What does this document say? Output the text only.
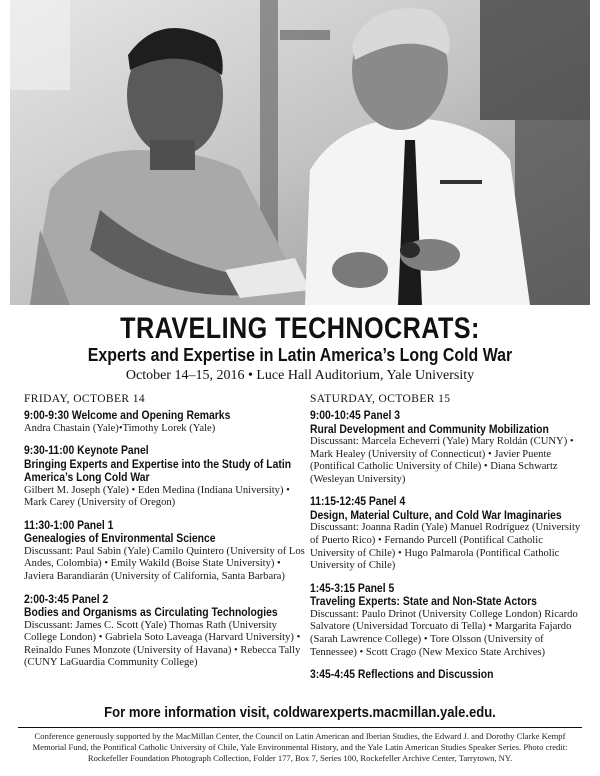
TRAVELING TECHNOCRATS:
Experts and Expertise in Latin America’s Long Cold War
October 14–15, 2016 • Luce Hall Auditorium, Yale University
FRIDAY, OCTOBER 14
9:00-9:30 Welcome and Opening Remarks
Andra Chastain (Yale)•Timothy Lorek (Yale)
9:30-11:00 Keynote Panel
Bringing Experts and Expertise into the Study of Latin America’s Long Cold War
Gilbert M. Joseph (Yale) • Eden Medina (Indiana University) • Mark Carey (University of Oregon)
11:30-1:00 Panel 1
Genealogies of Environmental Science
Discussant: Paul Sabin (Yale) Camilo Quintero (University of Los Andes, Colombia) • Emily Wakild (Boise State University) • Javiera Barandiarán (University of California, Santa Barbara)
2:00-3:45 Panel 2
Bodies and Organisms as Circulating Technologies
Discussant: James C. Scott (Yale) Thomas Rath (University College London) • Gabriela Soto Laveaga (Harvard University) • Reinaldo Funes Monzote (University of Havana) • Rebecca Tally (CUNY LaGuardia Community College)
SATURDAY, OCTOBER 15
9:00-10:45 Panel 3
Rural Development and Community Mobilization
Discussant: Marcela Echeverri (Yale) Mary Roldán (CUNY) • Mark Healey (University of Connecticut) • Javier Puente (Pontifical Catholic University of Chile) • Diana Schwartz (Wesleyan University)
11:15-12:45 Panel 4
Design, Material Culture, and Cold War Imaginaries
Discussant: Joanna Radin (Yale) Manuel Rodríguez (University of Puerto Rico) • Fernando Purcell (Pontifical Catholic University of Chile) • Hugo Palmarola (Pontifical Catholic University of Chile)
1:45-3:15 Panel 5
Traveling Experts: State and Non-State Actors
Discussant: Paulo Drinot (University College London) Ricardo Salvatore (Universidad Torcuato di Tella) • Margarita Fajardo (Sarah Lawrence College) • Tore Olsson (University of Tennessee) • Scott Crago (New Mexico State Archives)
3:45-4:45 Reflections and Discussion
For more information visit, coldwarexperts.macmillan.yale.edu.
Conference generously supported by the MacMillan Center, the Council on Latin American and Iberian Studies, the Edward J. and Dorothy Clarke Kempf Memorial Fund, the Pontifical Catholic University of Chile, Yale Environmental History, and the Yale Latin American Studies Speaker Series. Photo credit: Rockefeller Foundation Photograph Collection, Folder 177, Box 7, Series 100, Rockefeller Archive Center, Tarrytown, NY.
